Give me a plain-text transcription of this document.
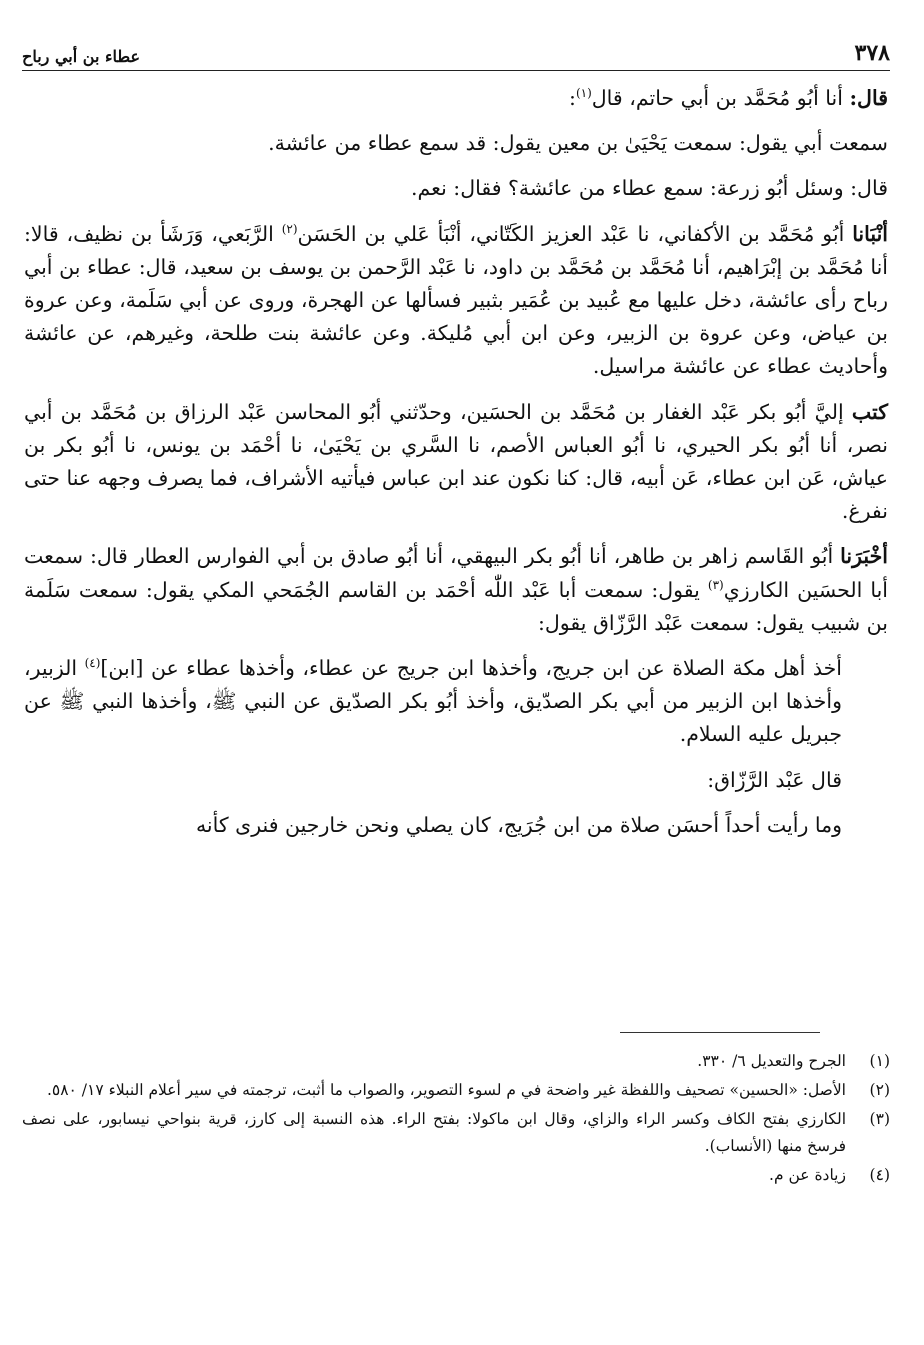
٣٧٨
عطاء بن أبي رباح

قال: أنا أبُو مُحَمَّد بن أبي حاتم، قال$^{(١)}$:

سمعت أبي يقول: سمعت يَحْيَىٰ بن معين يقول: قد سمع عطاء من عائشة.

قال: وسئل أبُو زرعة: سمع عطاء من عائشة؟ فقال: نعم.

أنْبَانا أبُو مُحَمَّد بن الأكفاني، نا عَبْد العزيز الكَتّاني، أنْبَأ عَلي بن الحَسَن$^{(٢)}$ الرَّبَعي، وَرَشَأ بن نظيف، قالا: أنا مُحَمَّد بن إبْرَاهيم، أنا مُحَمَّد بن مُحَمَّد بن داود، نا عَبْد الرَّحمن بن يوسف بن سعيد، قال: عطاء بن أبي رباح رأى عائشة، دخل عليها مع عُبيد بن عُمَير بثبير فسألها عن الهجرة، وروى عن أبي سَلَمة، وعن عروة بن عياض، وعن عروة بن الزبير، وعن ابن أبي مُليكة. وعن عائشة بنت طلحة، وغيرهم، عن عائشة وأحاديث عطاء عن عائشة مراسيل.

كتب إليَّ أبُو بكر عَبْد الغفار بن مُحَمَّد بن الحسَين، وحدّثني أبُو المحاسن عَبْد الرزاق بن مُحَمَّد بن أبي نصر، أنا أبُو بكر الحيري، نا أبُو العباس الأصم، نا السَّري بن يَحْيَىٰ، نا أحْمَد بن يونس، نا أبُو بكر بن عياش، عَن ابن عطاء، عَن أبيه، قال: كنا نكون عند ابن عباس فيأتيه الأشراف، فما يصرف وجهه عنا حتى نفرغ.

أخْبَرَنا أبُو القَاسم زاهر بن طاهر، أنا أبُو بكر البيهقي، أنا أبُو صادق بن أبي الفوارس العطار قال: سمعت أبا الحسَين الكارزي$^{(٣)}$ يقول: سمعت أبا عَبْد اللّٰه أحْمَد بن القاسم الجُمَحي المكي يقول: سمعت سَلَمة بن شبيب يقول: سمعت عَبْد الرَّزّاق يقول:

أخذ أهل مكة الصلاة عن ابن جريج، وأخذها ابن جريج عن عطاء، وأخذها عطاء عن [ابن]$^{(٤)}$ الزبير، وأخذها ابن الزبير من أبي بكر الصدّيق، وأخذ أبُو بكر الصدّيق عن النبي ﷺ، وأخذها النبي ﷺ عن جبريل عليه السلام.

قال عَبْد الرَّزّاق:

وما رأيت أحداً أحسَن صلاة من ابن جُرَيج، كان يصلي ونحن خارجين فنرى كأنه

(١)
الجرح والتعديل ٦/ ٣٣٠.
(٢)
الأصل: «الحسين» تصحيف واللفظة غير واضحة في م لسوء التصوير، والصواب ما أثبت، ترجمته في سير أعلام النبلاء ١٧/ ٥٨٠.
(٣)
الكارزي بفتح الكاف وكسر الراء والزاي، وقال ابن ماكولا: بفتح الراء. هذه النسبة إلى كارز، قرية بنواحي نيسابور، على نصف فرسخ منها (الأنساب).
(٤)
زيادة عن م.
